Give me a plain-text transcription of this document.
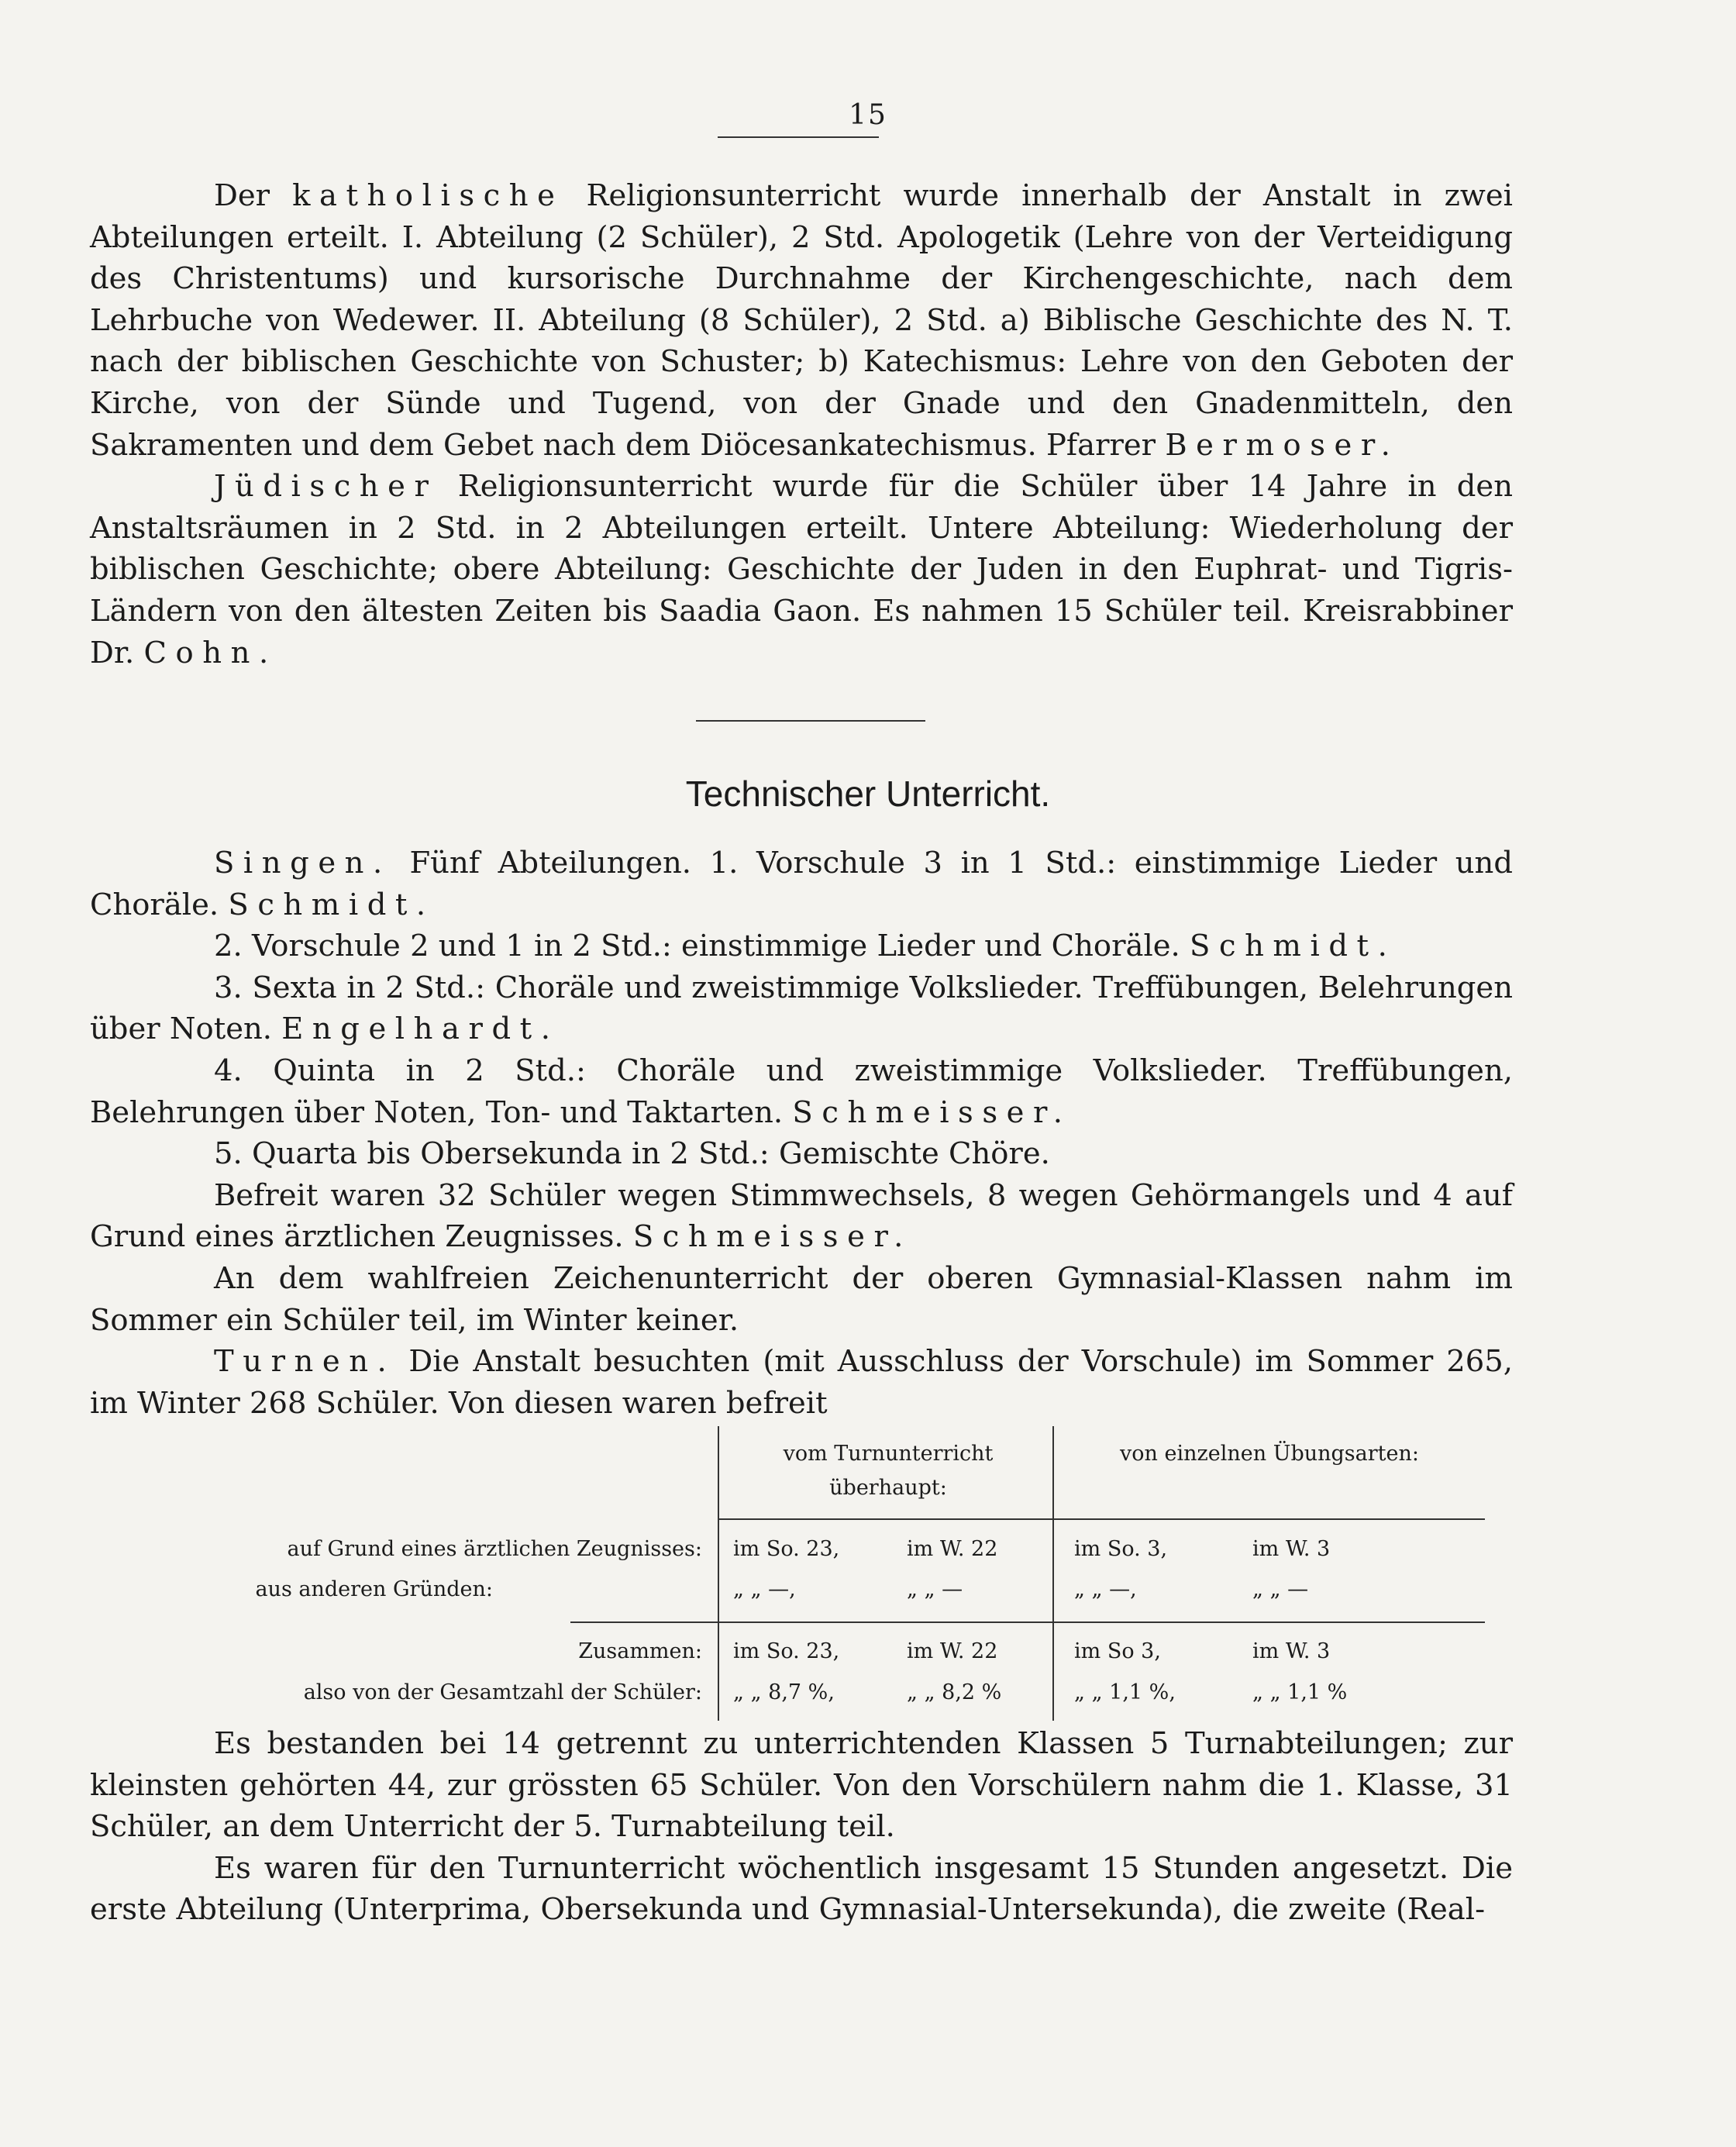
15

Der katholische Religionsunterricht wurde innerhalb der Anstalt in zwei Abteilungen erteilt. I. Abteilung (2 Schüler), 2 Std. Apologetik (Lehre von der Verteidigung des Christentums) und kursorische Durchnahme der Kirchengeschichte, nach dem Lehrbuche von Wedewer. II. Abteilung (8 Schüler), 2 Std. a) Biblische Geschichte des N. T. nach der biblischen Geschichte von Schuster; b) Katechismus: Lehre von den Geboten der Kirche, von der Sünde und Tugend, von der Gnade und den Gnadenmitteln, den Sakramenten und dem Gebet nach dem Diöcesankatechismus. Pfarrer Bermoser.

Jüdischer Religionsunterricht wurde für die Schüler über 14 Jahre in den Anstaltsräumen in 2 Std. in 2 Abteilungen erteilt. Untere Abteilung: Wiederholung der biblischen Geschichte; obere Abteilung: Geschichte der Juden in den Euphrat- und Tigris-Ländern von den ältesten Zeiten bis Saadia Gaon. Es nahmen 15 Schüler teil. Kreisrabbiner Dr. Cohn.

Technischer Unterricht.

Singen. Fünf Abteilungen. 1. Vorschule 3 in 1 Std.: einstimmige Lieder und Choräle. Schmidt.

2. Vorschule 2 und 1 in 2 Std.: einstimmige Lieder und Choräle. Schmidt.

3. Sexta in 2 Std.: Choräle und zweistimmige Volkslieder. Treffübungen, Belehrungen über Noten. Engelhardt.

4. Quinta in 2 Std.: Choräle und zweistimmige Volkslieder. Treffübungen, Belehrungen über Noten, Ton- und Taktarten. Schmeisser.

5. Quarta bis Obersekunda in 2 Std.: Gemischte Chöre.

Befreit waren 32 Schüler wegen Stimmwechsels, 8 wegen Gehörmangels und 4 auf Grund eines ärztlichen Zeugnisses. Schmeisser.

An dem wahlfreien Zeichenunterricht der oberen Gymnasial-Klassen nahm im Sommer ein Schüler teil, im Winter keiner.

Turnen. Die Anstalt besuchten (mit Ausschluss der Vorschule) im Sommer 265, im Winter 268 Schüler. Von diesen waren befreit

vom Turnunterricht überhaupt:
von einzelnen Übungsarten:
auf Grund eines ärztlichen Zeugnisses: im So. 23,	im W. 22	im So. 3,	im W. 3
aus anderen Gründen:	„ „ —,	„ „ —	„ „ —,	„ „ —
Zusammen: im So. 23,	im W. 22	im So 3,	im W. 3
also von der Gesamtzahl der Schüler: „ „ 8,7 %,	„ „ 8,2 %	„ „ 1,1 %,	„ „ 1,1 %

Es bestanden bei 14 getrennt zu unterrichtenden Klassen 5 Turnabteilungen; zur kleinsten gehörten 44, zur grössten 65 Schüler. Von den Vorschülern nahm die 1. Klasse, 31 Schüler, an dem Unterricht der 5. Turnabteilung teil.

Es waren für den Turnunterricht wöchentlich insgesamt 15 Stunden angesetzt. Die erste Abteilung (Unterprima, Obersekunda und Gymnasial-Untersekunda), die zweite (Real-
